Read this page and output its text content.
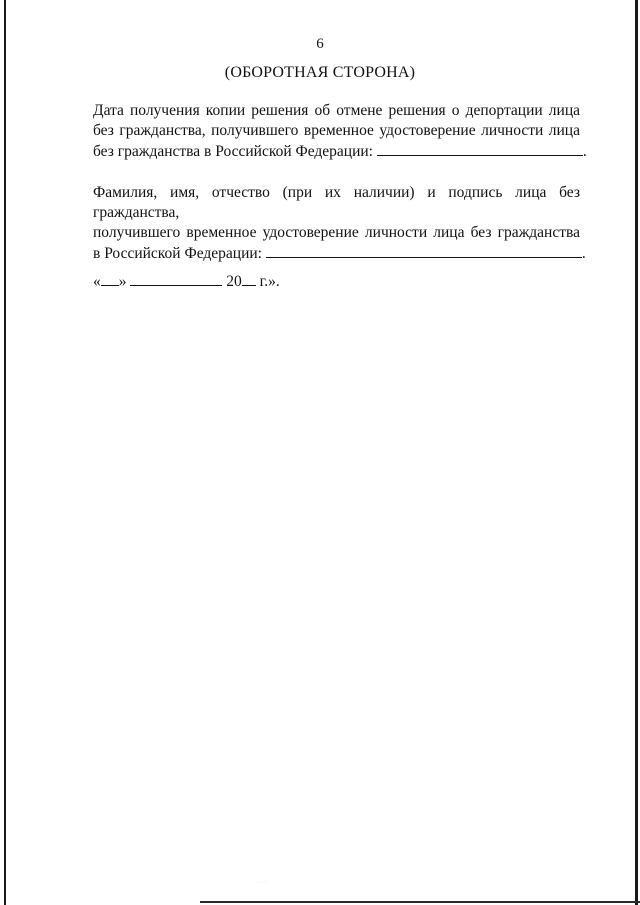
6
(ОБОРОТНАЯ СТОРОНА)
Дата получения копии решения об отмене решения о депортации лица
без гражданства, получившего временное удостоверение личности лица
без гражданства в Российской Федерации:	.
Фамилия, имя, отчество (при их наличии) и подпись лица без гражданства,
получившего временное удостоверение личности лица без гражданства
в Российской Федерации:	.
« »	20 г.».
· · ·
